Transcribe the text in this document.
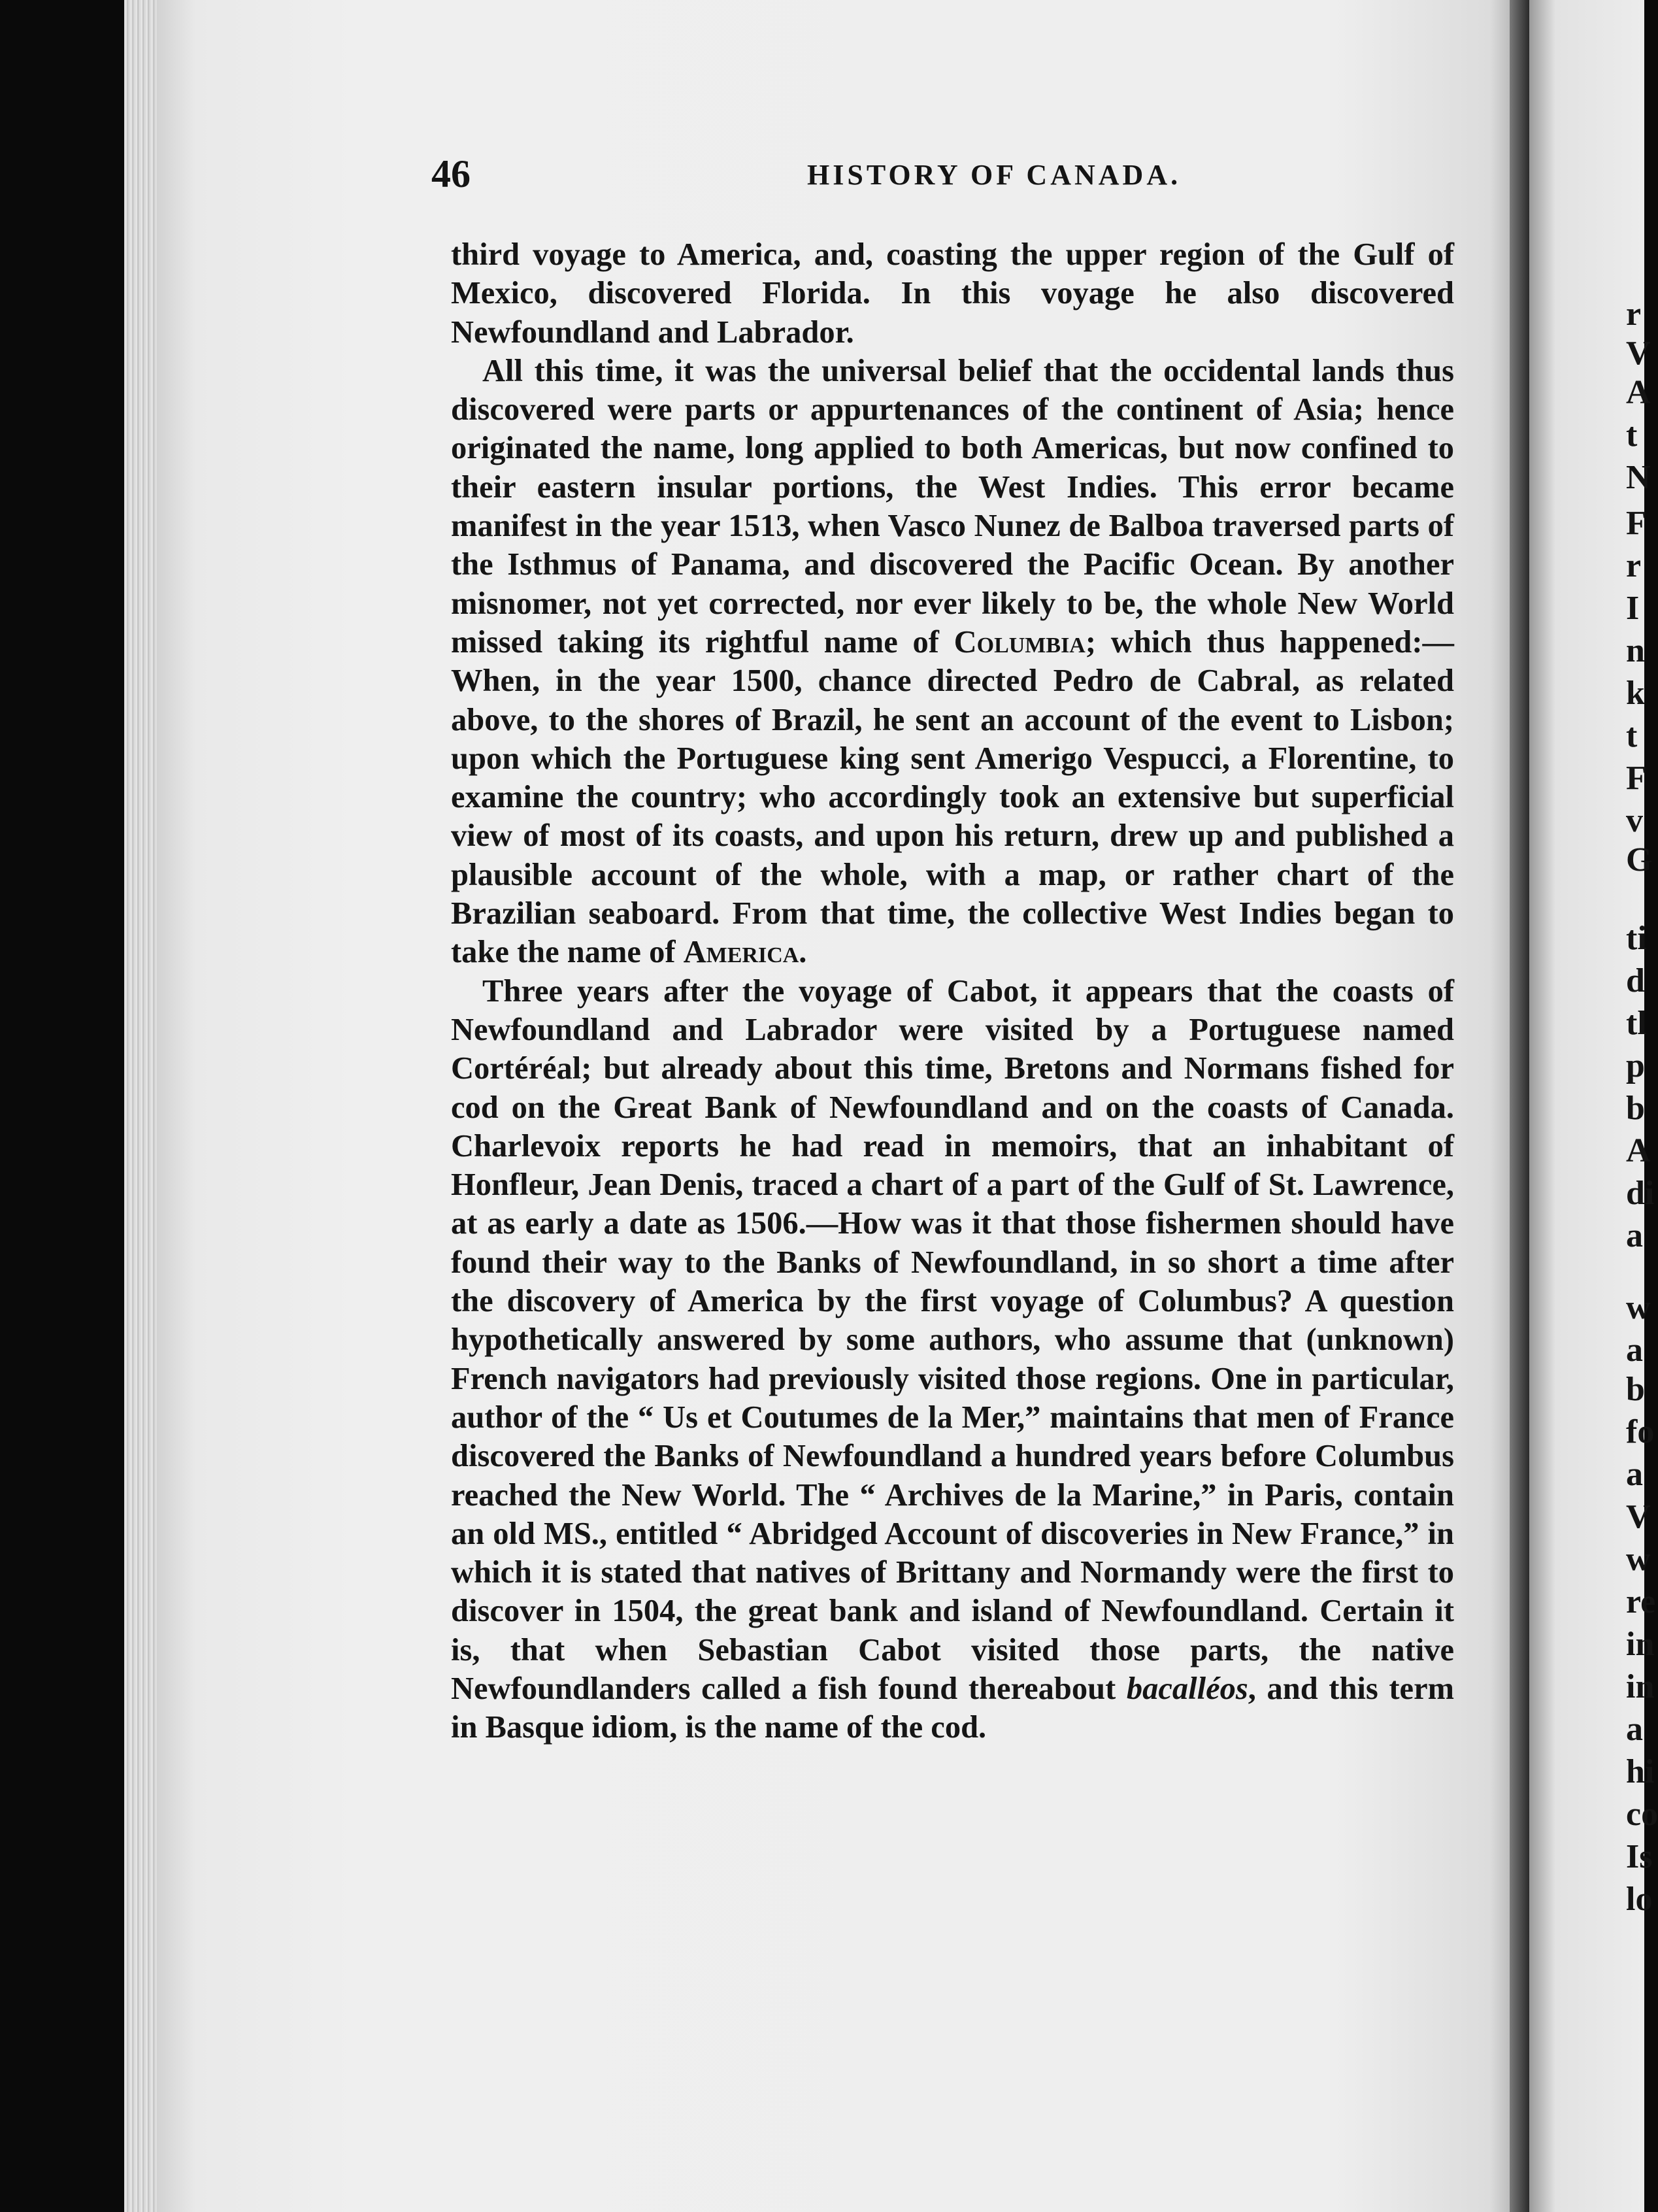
r
V
A
t
N
F
r
I
n
k
t
F
v
G
ti
d
tl
p
b
A
di
a
w
a
b
fo
a
V
w
re
in
in
a
hi
co
Is
lo
46	HISTORY OF CANADA.

third voyage to America, and, coasting the upper region of the Gulf of Mexico, discovered Florida. In this voyage he also discovered Newfoundland and Labrador.

All this time, it was the universal belief that the occidental lands thus discovered were parts or appurtenances of the continent of Asia; hence originated the name, long applied to both Americas, but now confined to their eastern insular portions, the West Indies. This error became manifest in the year 1513, when Vasco Nunez de Balboa traversed parts of the Isthmus of Panama, and discovered the Pacific Ocean. By another misnomer, not yet corrected, nor ever likely to be, the whole New World missed taking its rightful name of Columbia; which thus happened:—When, in the year 1500, chance directed Pedro de Cabral, as related above, to the shores of Brazil, he sent an account of the event to Lisbon; upon which the Portuguese king sent Amerigo Vespucci, a Florentine, to examine the country; who accordingly took an extensive but superficial view of most of its coasts, and upon his return, drew up and published a plausible account of the whole, with a map, or rather chart of the Brazilian seaboard. From that time, the collective West Indies began to take the name of America.

Three years after the voyage of Cabot, it appears that the coasts of Newfoundland and Labrador were visited by a Portuguese named Cortéréal; but already about this time, Bretons and Normans fished for cod on the Great Bank of Newfoundland and on the coasts of Canada. Charlevoix reports he had read in memoirs, that an inhabitant of Honfleur, Jean Denis, traced a chart of a part of the Gulf of St. Lawrence, at as early a date as 1506.—How was it that those fishermen should have found their way to the Banks of Newfoundland, in so short a time after the discovery of America by the first voyage of Columbus? A question hypothetically answered by some authors, who assume that (unknown) French navigators had previously visited those regions. One in particular, author of the “ Us et Coutumes de la Mer,” maintains that men of France discovered the Banks of Newfoundland a hundred years before Columbus reached the New World. The “ Archives de la Marine,” in Paris, contain an old MS., entitled “ Abridged Account of discoveries in New France,” in which it is stated that natives of Brittany and Normandy were the first to discover in 1504, the great bank and island of Newfoundland. Certain it is, that when Sebastian Cabot visited those parts, the native Newfoundlanders called a fish found thereabout bacalléos, and this term in Basque idiom, is the name of the cod.
